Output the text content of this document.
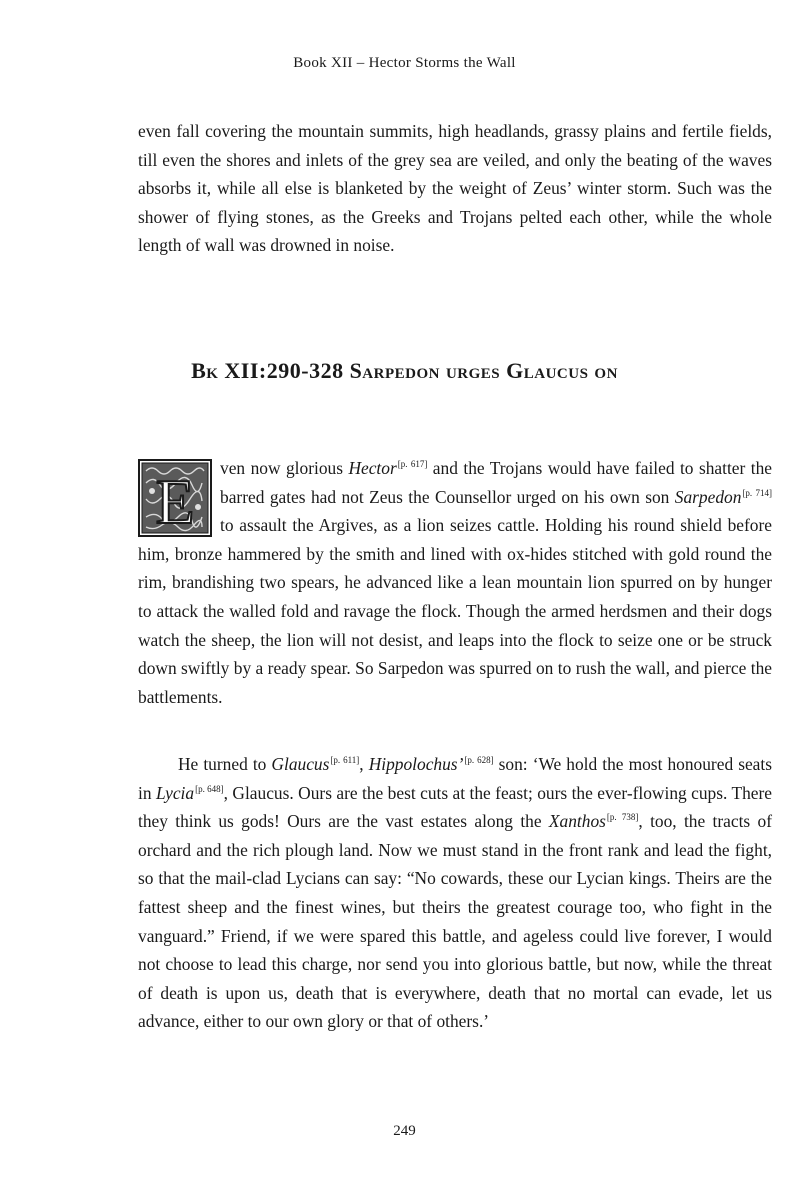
Book XII – Hector Storms the Wall

even fall covering the mountain summits, high headlands, grassy plains and fertile fields, till even the shores and inlets of the grey sea are veiled, and only the beating of the waves absorbs it, while all else is blanketed by the weight of Zeus’ winter storm. Such was the shower of flying stones, as the Greeks and Trojans pelted each other, while the whole length of wall was drowned in noise.

Bk XII:290-328 Sarpedon urges Glaucus on

E ven now glorious Hector[p. 617] and the Trojans would have failed to shatter the barred gates had not Zeus the Counsellor urged on his own son Sarpedon[p. 714] to assault the Argives, as a lion seizes cattle. Holding his round shield before him, bronze hammered by the smith and lined with ox-hides stitched with gold round the rim, brandishing two spears, he advanced like a lean mountain lion spurred on by hunger to attack the walled fold and ravage the flock. Though the armed herdsmen and their dogs watch the sheep, the lion will not desist, and leaps into the flock to seize one or be struck down swiftly by a ready spear. So Sarpedon was spurred on to rush the wall, and pierce the battlements.

He turned to Glaucus[p. 611], Hippolochus’[p. 628] son: ‘We hold the most honoured seats in Lycia[p. 648], Glaucus. Ours are the best cuts at the feast; ours the ever-flowing cups. There they think us gods! Ours are the vast estates along the Xanthos[p. 738], too, the tracts of orchard and the rich plough land. Now we must stand in the front rank and lead the fight, so that the mail-clad Lycians can say: “No cowards, these our Lycian kings. Theirs are the fattest sheep and the finest wines, but theirs the greatest courage too, who fight in the vanguard.” Friend, if we were spared this battle, and ageless could live forever, I would not choose to lead this charge, nor send you into glorious battle, but now, while the threat of death is upon us, death that is everywhere, death that no mortal can evade, let us advance, either to our own glory or that of others.’

249
